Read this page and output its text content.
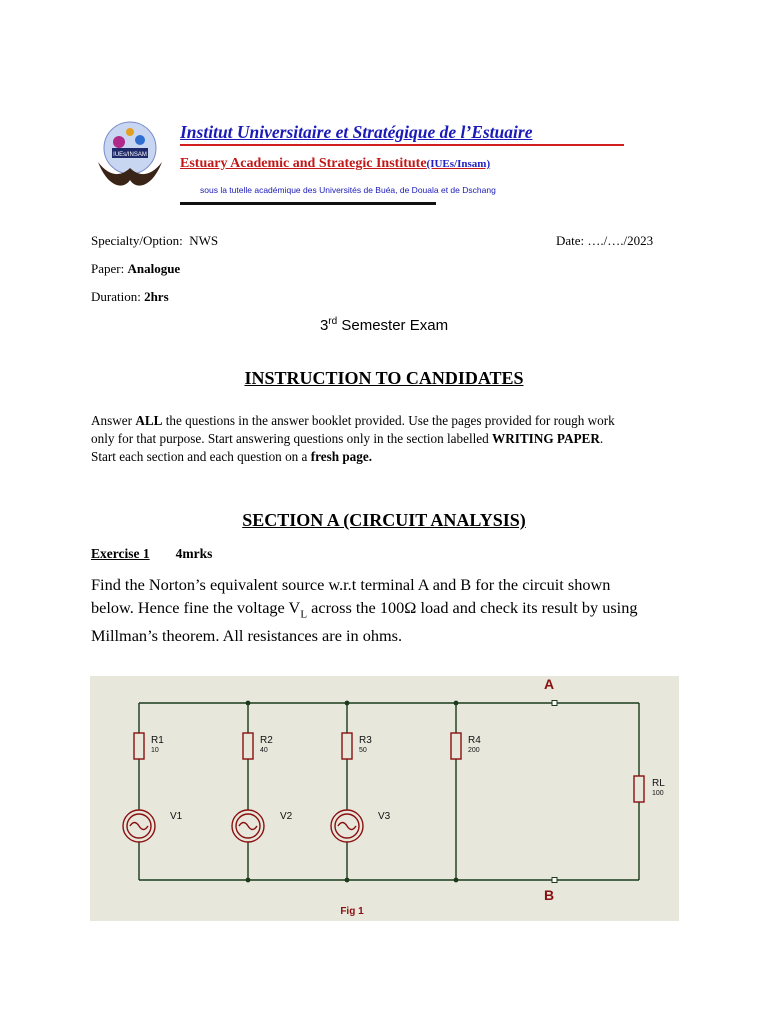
IUEs/INSAM
Institut Universitaire et Stratégique de l’Estuaire
Estuary Academic and Strategic Institute(IUEs/Insam)
sous la tutelle académique des Universités de Buéa, de Douala et de Dschang
Specialty/Option: NWS	Date: …./…./2023
Paper: Analogue
Duration: 2hrs
3rd Semester Exam
INSTRUCTION TO CANDIDATES
Answer ALL the questions in the answer booklet provided. Use the pages provided for rough work
only for that purpose. Start answering questions only in the section labelled WRITING PAPER.
Start each section and each question on a fresh page.
SECTION A (CIRCUIT ANALYSIS)
Exercise 1 4mrks
Find the Norton’s equivalent source w.r.t terminal A and B for the circuit shown
below. Hence fine the voltage $V_L$ across the 100Ω load and check its result by using
Millman’s theorem. All resistances are in ohms.
R1
10
R2
40
R3
50
R4
200
RL
100
V1	V2	V3
A
B
Fig 1
